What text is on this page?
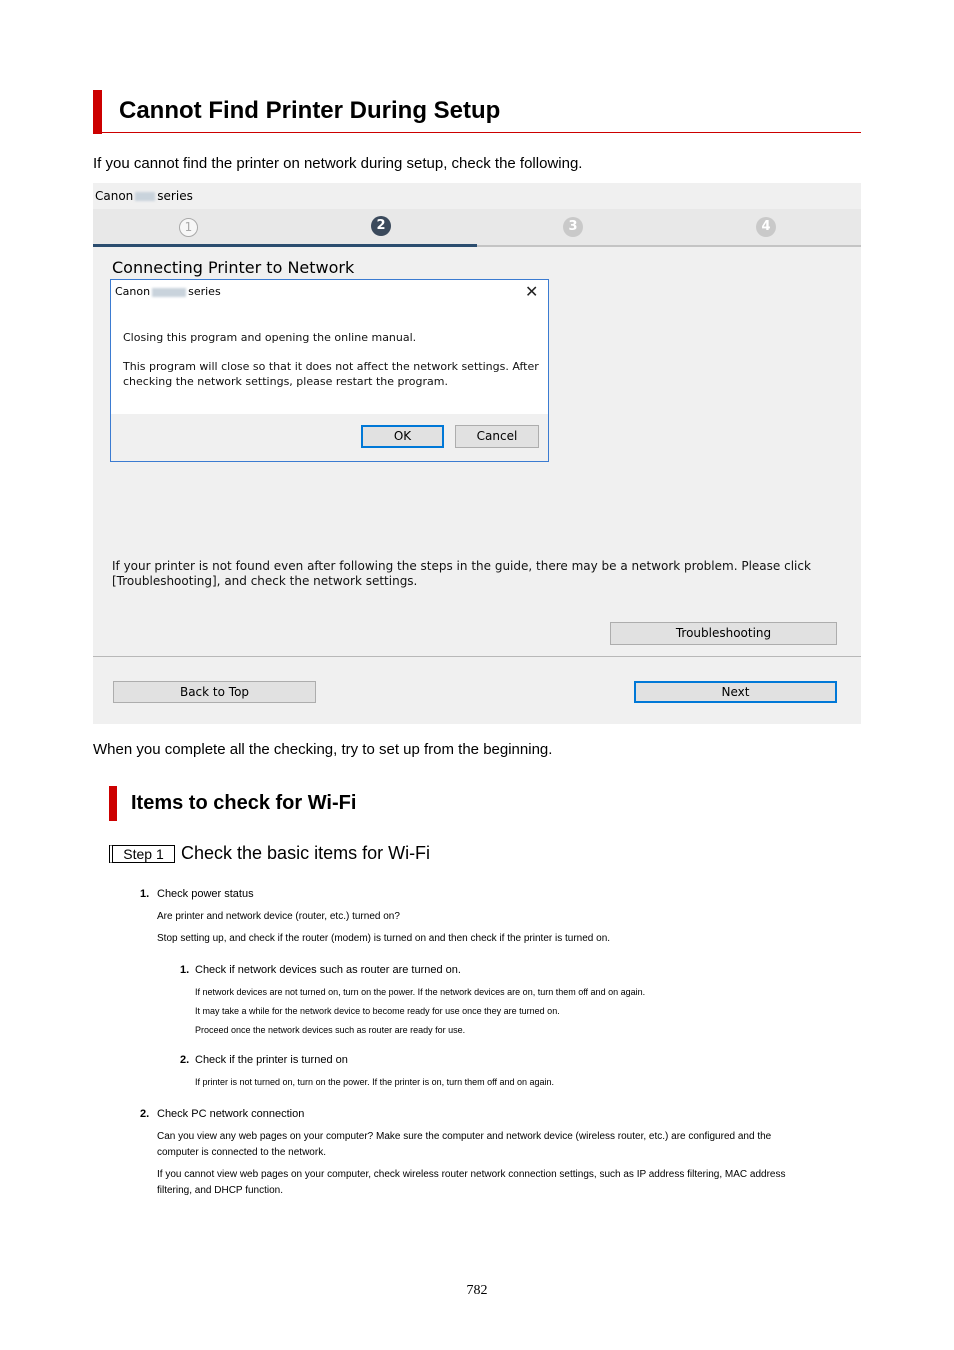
Cannot Find Printer During Setup
If you cannot find the printer on network during setup, check the following.
Canon series
1	2	3	4
Connecting Printer to Network
Canon	series	✕
Closing this program and opening the online manual.
This program will close so that it does not affect the network settings. After
checking the network settings, please restart the program.
OK	Cancel
If your printer is not found even after following the steps in the guide, there may be a network problem. Please click
[Troubleshooting], and check the network settings.
Troubleshooting
Back to Top	Next
When you complete all the checking, try to set up from the beginning.
Items to check for Wi-Fi
Step 1 Check the basic items for Wi-Fi
1. Check power status
Are printer and network device (router, etc.) turned on?
Stop setting up, and check if the router (modem) is turned on and then check if the printer is turned on.
1. Check if network devices such as router are turned on.
If network devices are not turned on, turn on the power. If the network devices are on, turn them off and on again.
It may take a while for the network device to become ready for use once they are turned on.
Proceed once the network devices such as router are ready for use.
2. Check if the printer is turned on
If printer is not turned on, turn on the power. If the printer is on, turn them off and on again.
2. Check PC network connection
Can you view any web pages on your computer? Make sure the computer and network device (wireless router, etc.) are configured and the
computer is connected to the network.
If you cannot view web pages on your computer, check wireless router network connection settings, such as IP address filtering, MAC address
filtering, and DHCP function.
782
